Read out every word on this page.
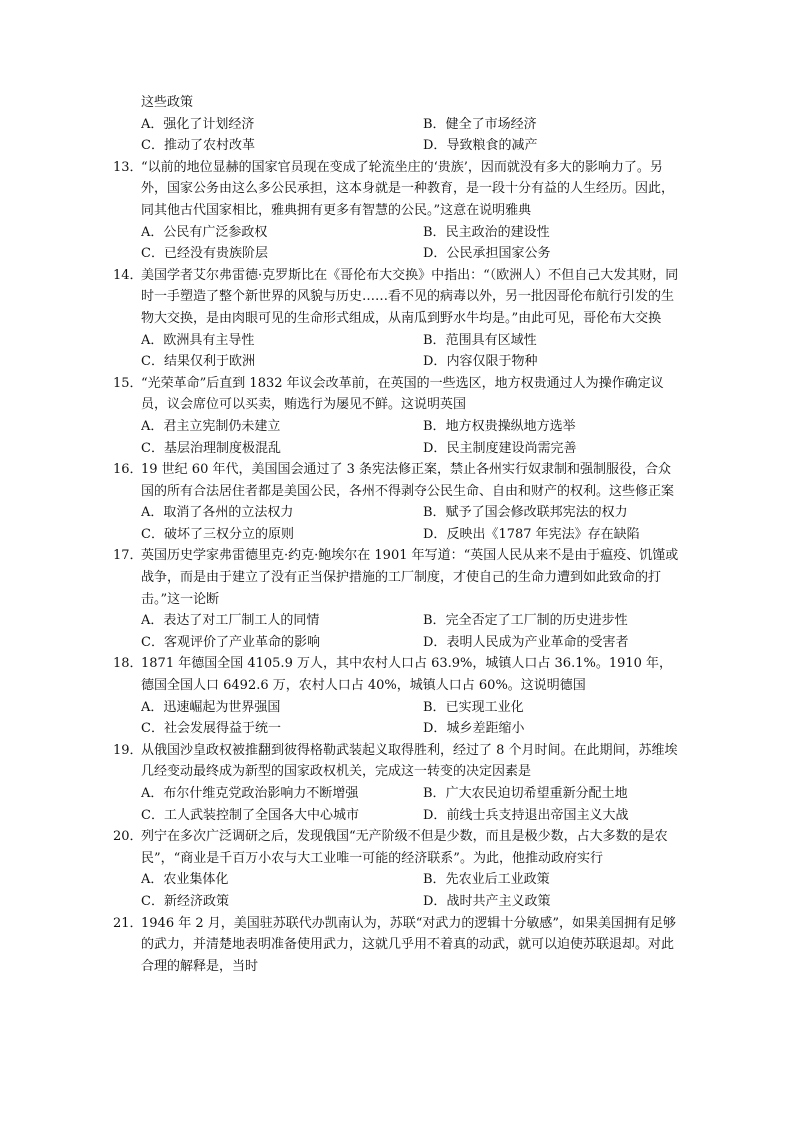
这些政策
A．强化了计划经济	B．健全了市场经济
C．推动了农村改革	D．导致粮食的减产
13．
“以前的地位显赫的国家官员现在变成了轮流坐庄的‘贵族’，因而就没有多大的影响力了。另外，国家公务由这么多公民承担，这本身就是一种教育，是一段十分有益的人生经历。因此，同其他古代国家相比，雅典拥有更多有智慧的公民。”这意在说明雅典
A．公民有广泛参政权	B．民主政治的建设性
C．已经没有贵族阶层	D．公民承担国家公务
14．
美国学者艾尔弗雷德·克罗斯比在《哥伦布大交换》中指出：“（欧洲人）不但自己大发其财，同时一手塑造了整个新世界的风貌与历史……看不见的病毒以外，另一批因哥伦布航行引发的生物大交换，是由肉眼可见的生命形式组成，从南瓜到野水牛均是。”由此可见，哥伦布大交换
A．欧洲具有主导性	B．范围具有区域性
C．结果仅利于欧洲	D．内容仅限于物种
15．
“光荣革命”后直到 1832 年议会改革前，在英国的一些选区，地方权贵通过人为操作确定议员，议会席位可以买卖，贿选行为屡见不鲜。这说明英国
A．君主立宪制仍未建立	B．地方权贵操纵地方选举
C．基层治理制度极混乱	D．民主制度建设尚需完善
16．
19 世纪 60 年代，美国国会通过了 3 条宪法修正案，禁止各州实行奴隶制和强制服役，合众国的所有合法居住者都是美国公民，各州不得剥夺公民生命、自由和财产的权利。这些修正案
A．取消了各州的立法权力	B．赋予了国会修改联邦宪法的权力
C．破坏了三权分立的原则	D．反映出《1787 年宪法》存在缺陷
17．
英国历史学家弗雷德里克·约克·鲍埃尔在 1901 年写道：“英国人民从来不是由于瘟疫、饥馑或战争，而是由于建立了没有正当保护措施的工厂制度，才使自己的生命力遭到如此致命的打击。”这一论断
A．表达了对工厂制工人的同情	B．完全否定了工厂制的历史进步性
C．客观评价了产业革命的影响	D．表明人民成为产业革命的受害者
18．
1871 年德国全国 4105.9 万人，其中农村人口占 63.9%，城镇人口占 36.1%。1910 年，德国全国人口 6492.6 万，农村人口占 40%，城镇人口占 60%。这说明德国
A．迅速崛起为世界强国	B．已实现工业化
C．社会发展得益于统一	D．城乡差距缩小
19．
从俄国沙皇政权被推翻到彼得格勒武装起义取得胜利，经过了 8 个月时间。在此期间，苏维埃几经变动最终成为新型的国家政权机关，完成这一转变的决定因素是
A．布尔什维克党政治影响力不断增强	B．广大农民迫切希望重新分配土地
C．工人武装控制了全国各大中心城市	D．前线士兵支持退出帝国主义大战
20．
列宁在多次广泛调研之后，发现俄国“无产阶级不但是少数，而且是极少数，占大多数的是农民”，“商业是千百万小农与大工业唯一可能的经济联系”。为此，他推动政府实行
A．农业集体化	B．先农业后工业政策
C．新经济政策	D．战时共产主义政策
21．
1946 年 2 月，美国驻苏联代办凯南认为，苏联“对武力的逻辑十分敏感”，如果美国拥有足够的武力，并清楚地表明准备使用武力，这就几乎用不着真的动武，就可以迫使苏联退却。对此合理的解释是，当时
